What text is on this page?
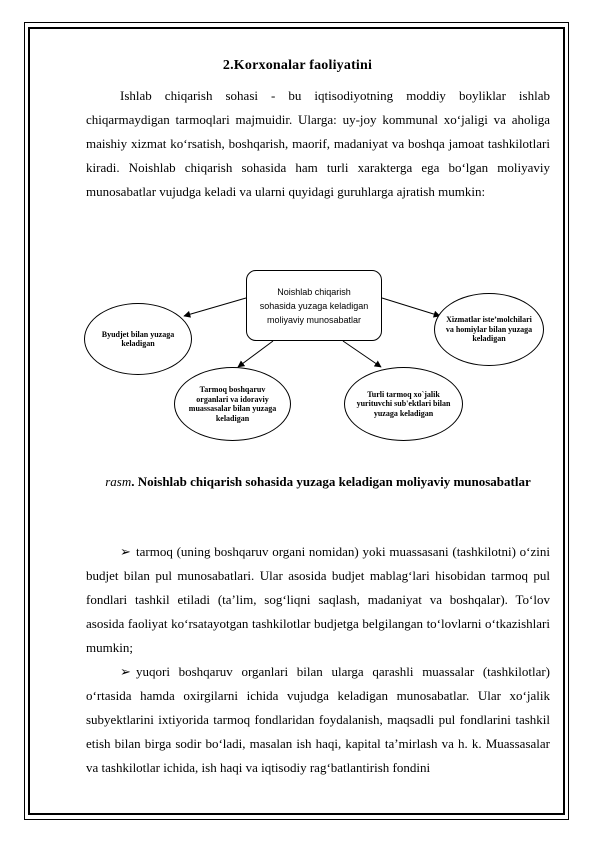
2.Korxonalar faoliyatini

Ishlab chiqarish sohasi - bu iqtisodiyotning moddiy boyliklar ishlab chiqarmaydigan tarmoqlari majmuidir. Ularga: uy-joy kommunal xo‘jaligi va aholiga maishiy xizmat ko‘rsatish, boshqarish, maorif, madaniyat va boshqa jamoat tashkilotlari kiradi. Noishlab chiqarish sohasida ham turli xarakterga ega bo‘lgan moliyaviy munosabatlar vujudga keladi va ularni quyidagi guruhlarga ajratish mumkin:

Noishlab chiqarish sohasida yuzaga keladigan moliyaviy munosabatlar
Byudjet bilan yuzaga keladigan
Xizmatlar iste’molchilari va homiylar bilan yuzaga keladigan
Tarmoq boshqaruv organlari va idoraviy muassasalar bilan yuzaga keladigan
Turli tarmoq xo`jalik yurituvchi sub'ektlari bilan yuzaga keladigan
rasm. Noishlab chiqarish sohasida yuzaga keladigan moliyaviy munosabatlar

➢ tarmoq (uning boshqaruv organi nomidan) yoki muassasani (tashkilotni) o‘zini budjet bilan pul munosabatlari. Ular asosida budjet mablag‘lari hisobidan tarmoq pul fondlari tashkil etiladi (ta’lim, sog‘liqni saqlash, madaniyat va boshqalar). To‘lov asosida faoliyat ko‘rsatayotgan tashkilotlar budjetga belgilangan to‘lovlarni o‘tkazishlari mumkin;

➢ yuqori boshqaruv organlari bilan ularga qarashli muassalar (tashkilotlar) o‘rtasida hamda oxirgilarni ichida vujudga keladigan munosabatlar. Ular xo‘jalik subyektlarini ixtiyorida tarmoq fondlaridan foydalanish, maqsadli pul fondlarini tashkil etish bilan birga sodir bo‘ladi, masalan ish haqi, kapital ta’mirlash va h. k. Muassasalar va tashkilotlar ichida, ish haqi va iqtisodiy rag‘batlantirish fondini
